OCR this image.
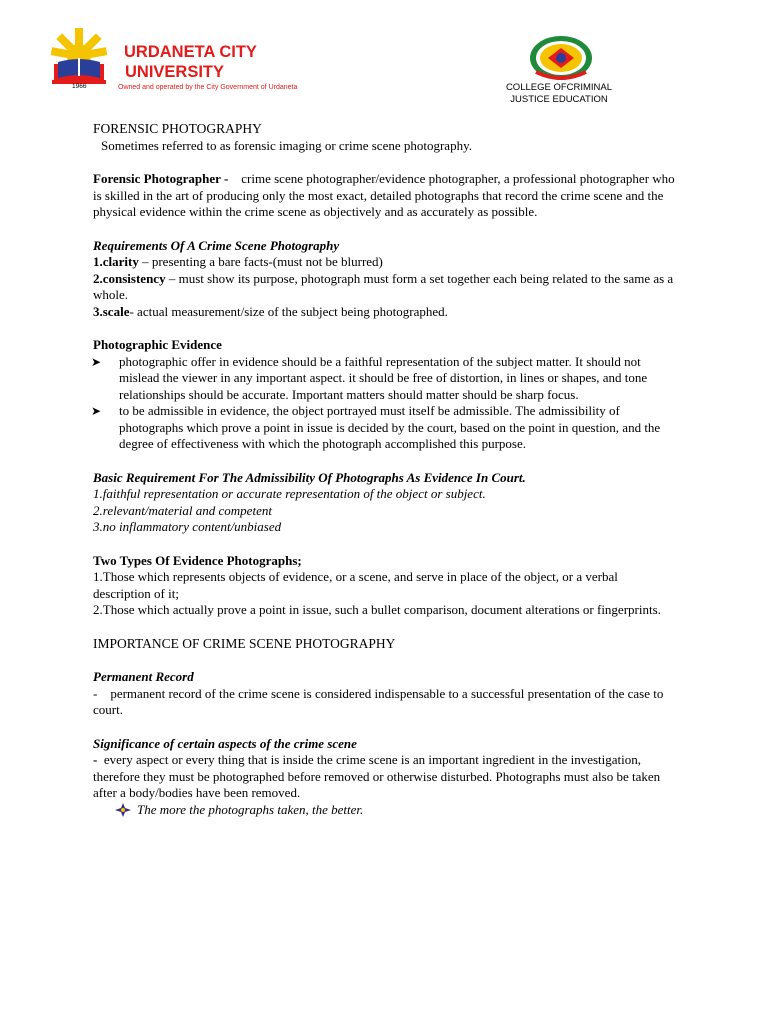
1966
URDANETA CITY
UNIVERSITY
Owned and operated by the City Government of Urdaneta	COLLEGE OFCRIMINAL
JUSTICE EDUCATION

FORENSIC PHOTOGRAPHY

Sometimes referred to as forensic imaging or crime scene photography.

Forensic Photographer - crime scene photographer/evidence photographer, a professional photographer who is skilled in the art of producing only the most exact, detailed photographs that record the crime scene and the physical evidence within the crime scene as objectively and as accurately as possible.

Requirements Of A Crime Scene Photography

1.clarity – presenting a bare facts-(must not be blurred)

2.consistency – must show its purpose, photograph must form a set together each being related to the same as a whole.

3.scale- actual measurement/size of the subject being photographed.

Photographic Evidence

➤ photographic offer in evidence should be a faithful representation of the subject matter. It should not mislead the viewer in any important aspect. it should be free of distortion, in lines or shapes, and tone relationships should be accurate. Important matters should matter should be sharp focus.
➤ to be admissible in evidence, the object portrayed must itself be admissible. The admissibility of photographs which prove a point in issue is decided by the court, based on the point in question, and the degree of effectiveness with which the photograph accomplished this purpose.

Basic Requirement For The Admissibility Of Photographs As Evidence In Court.

1.faithful representation or accurate representation of the object or subject.

2.relevant/material and competent

3.no inflammatory content/unbiased

Two Types Of Evidence Photographs;

1.Those which represents objects of evidence, or a scene, and serve in place of the object, or a verbal description of it;

2.Those which actually prove a point in issue, such a bullet comparison, document alterations or fingerprints.

IMPORTANCE OF CRIME SCENE PHOTOGRAPHY

Permanent Record

-    permanent record of the crime scene is considered indispensable to a successful presentation of the case to court.

Significance of certain aspects of the crime scene

-  every aspect or every thing that is inside the crime scene is an important ingredient in the investigation, therefore they must be photographed before removed or otherwise disturbed. Photographs must also be taken after a body/bodies have been removed.

The more the photographs taken, the better.
